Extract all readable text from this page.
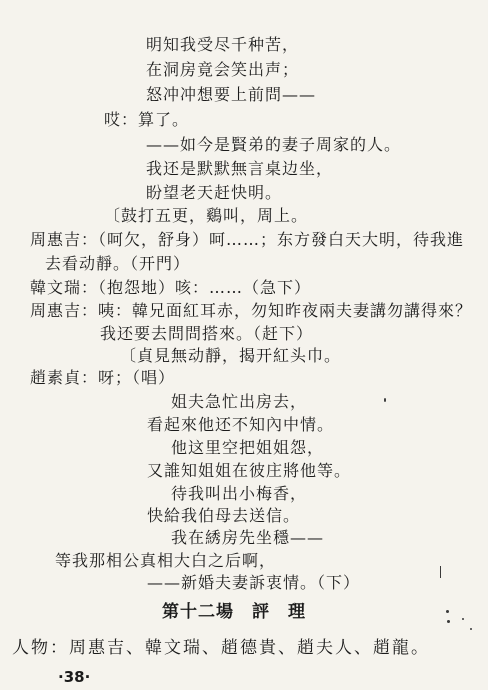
明知我受尽千种苦，
在洞房竟会笑出声；
怒冲冲想要上前問——
哎：算了。
——如今是賢弟的妻子周家的人。
我还是默默無言桌边坐，
盼望老天赶快明。
〔鼓打五更，鷄叫，周上。
周惠吉：（呵欠，舒身）呵……；东方發白天大明，待我進
去看动靜。（开門）
韓文瑞：（抱怨地）咳：……（急下）
周惠吉：咦：韓兄面紅耳赤，勿知昨夜兩夫妻講勿講得來？
我还要去問問搭來。（赶下）
〔貞見無动靜，揭开紅头巾。
趙素貞：呀；（唱）
姐夫急忙出房去，
看起來他还不知內中情。
他这里空把姐姐怨，
又誰知姐姐在彼庄將他等。
待我叫出小梅香，
快給我伯母去送信。
我在綉房先坐穩——
等我那相公真相大白之后啊，
——新婚夫妻訴衷情。（下）
第十二場　評　理
人物：周惠吉、韓文瑞、趙德貴、趙夫人、趙龍。
·38·
